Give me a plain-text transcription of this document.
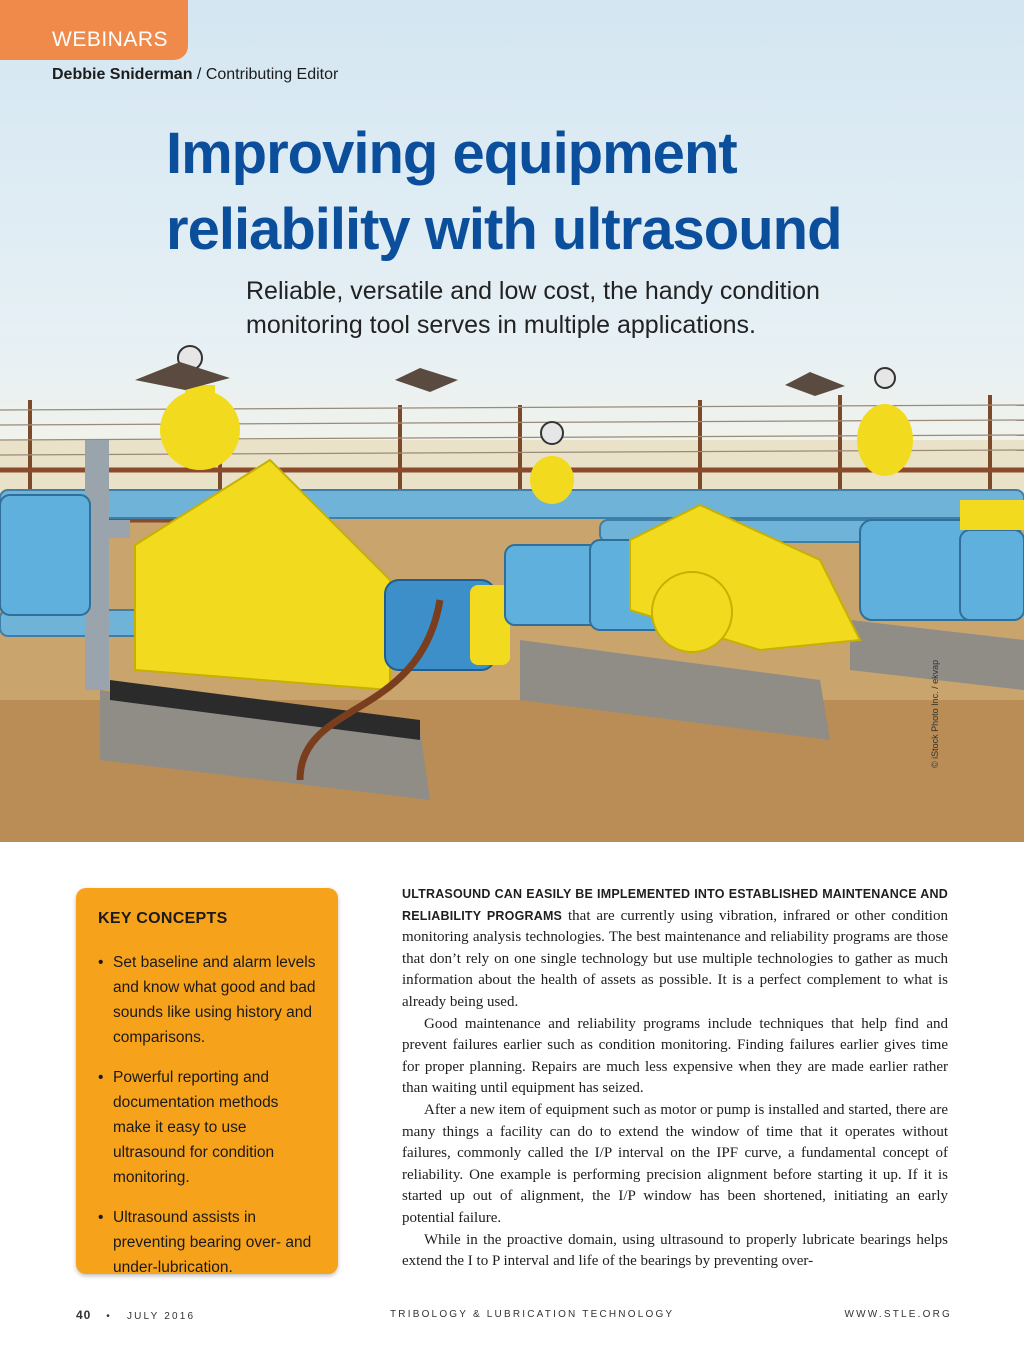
WEBINARS
Debbie Sniderman / Contributing Editor
Improving equipment
reliability with ultrasound
Reliable, versatile and low cost, the handy condition monitoring tool serves in multiple applications.
© iStock Photo Inc. / ekvap
KEY CONCEPTS
• Set baseline and alarm levels and know what good and bad sounds like using history and comparisons.
• Powerful reporting and documentation methods make it easy to use ultrasound for condition monitoring.
• Ultrasound assists in preventing bearing over- and under-lubrication.

ULTRASOUND CAN EASILY BE IMPLEMENTED INTO ESTABLISHED MAINTENANCE AND RELIABILITY PROGRAMS that are currently using vibration, infrared or other condition monitoring analysis technologies. The best maintenance and reliability programs are those that don’t rely on one single technology but use multiple technologies to gather as much information about the health of assets as possible. It is a perfect complement to what is already being used.

Good maintenance and reliability programs include techniques that help find and prevent failures earlier such as condition monitoring. Finding failures earlier gives time for proper planning. Repairs are much less expensive when they are made earlier rather than waiting until equipment has seized.

After a new item of equipment such as motor or pump is installed and started, there are many things a facility can do to extend the window of time that it operates without failures, commonly called the I/P interval on the IPF curve, a fundamental concept of reliability. One example is performing precision alignment before starting it up. If it is started up out of alignment, the I/P window has been shortened, initiating an early potential failure.

While in the proactive domain, using ultrasound to properly lubricate bearings helps extend the I to P interval and life of the bearings by preventing over-

40 • JULY 2016	TRIBOLOGY & LUBRICATION TECHNOLOGY	WWW.STLE.ORG
